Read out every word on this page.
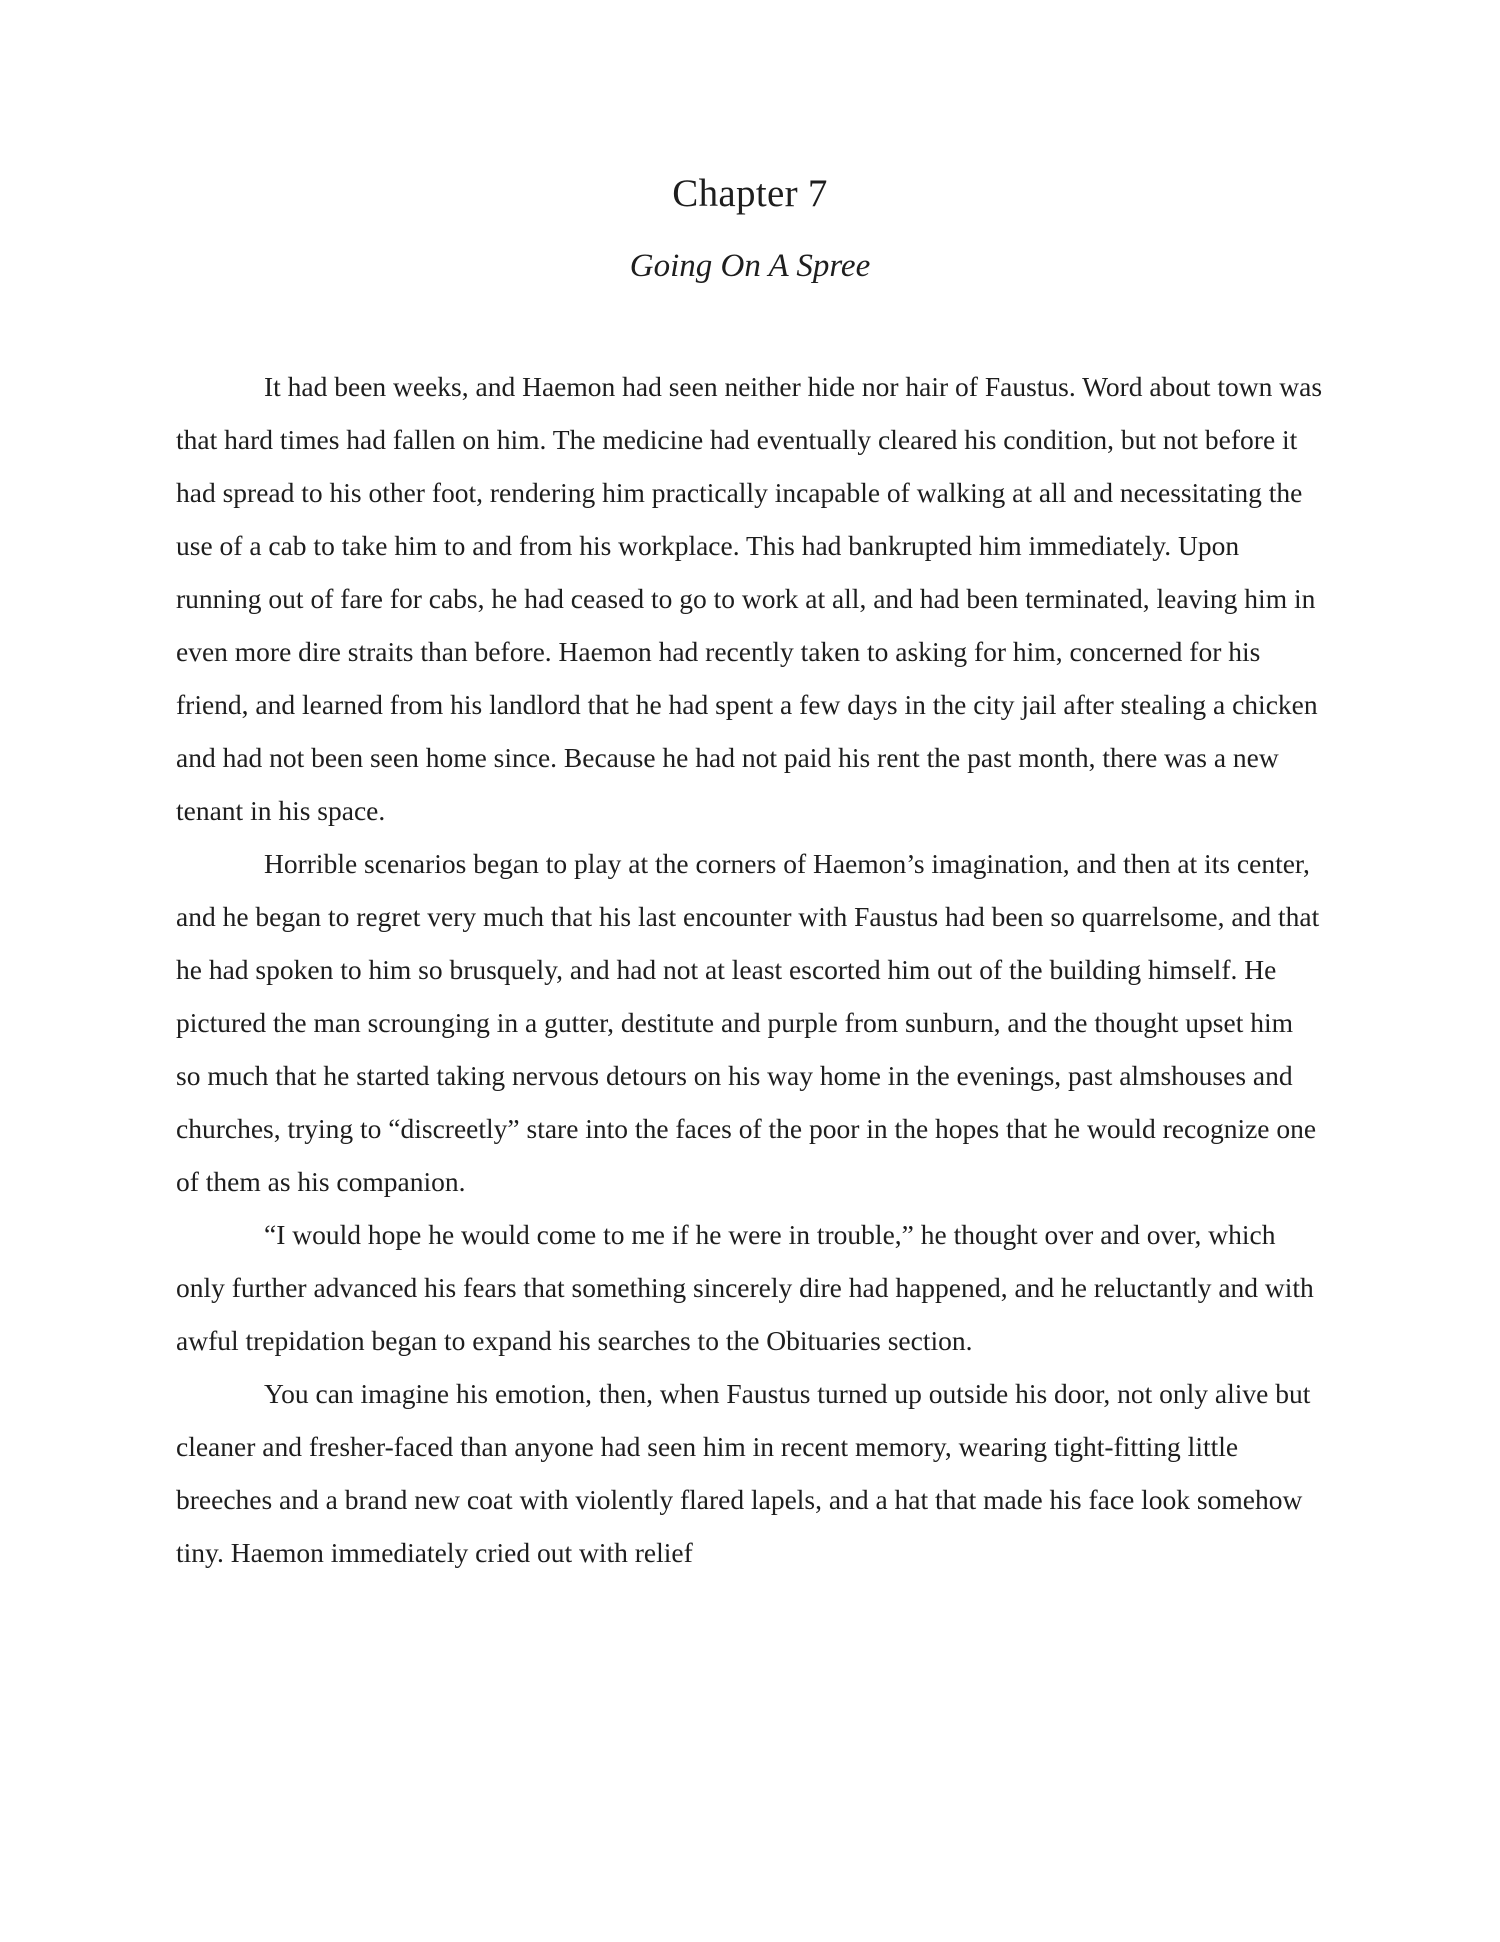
Chapter 7
Going On A Spree

It had been weeks, and Haemon had seen neither hide nor hair of Faustus. Word about town was that hard times had fallen on him. The medicine had eventually cleared his condition, but not before it had spread to his other foot, rendering him practically incapable of walking at all and necessitating the use of a cab to take him to and from his workplace. This had bankrupted him immediately. Upon running out of fare for cabs, he had ceased to go to work at all, and had been terminated, leaving him in even more dire straits than before. Haemon had recently taken to asking for him, concerned for his friend, and learned from his landlord that he had spent a few days in the city jail after stealing a chicken and had not been seen home since. Because he had not paid his rent the past month, there was a new tenant in his space.

Horrible scenarios began to play at the corners of Haemon’s imagination, and then at its center, and he began to regret very much that his last encounter with Faustus had been so quarrelsome, and that he had spoken to him so brusquely, and had not at least escorted him out of the building himself. He pictured the man scrounging in a gutter, destitute and purple from sunburn, and the thought upset him so much that he started taking nervous detours on his way home in the evenings, past almshouses and churches, trying to “discreetly” stare into the faces of the poor in the hopes that he would recognize one of them as his companion.

“I would hope he would come to me if he were in trouble,” he thought over and over, which only further advanced his fears that something sincerely dire had happened, and he reluctantly and with awful trepidation began to expand his searches to the Obituaries section.

You can imagine his emotion, then, when Faustus turned up outside his door, not only alive but cleaner and fresher-faced than anyone had seen him in recent memory, wearing tight-fitting little breeches and a brand new coat with violently flared lapels, and a hat that made his face look somehow tiny. Haemon immediately cried out with relief
